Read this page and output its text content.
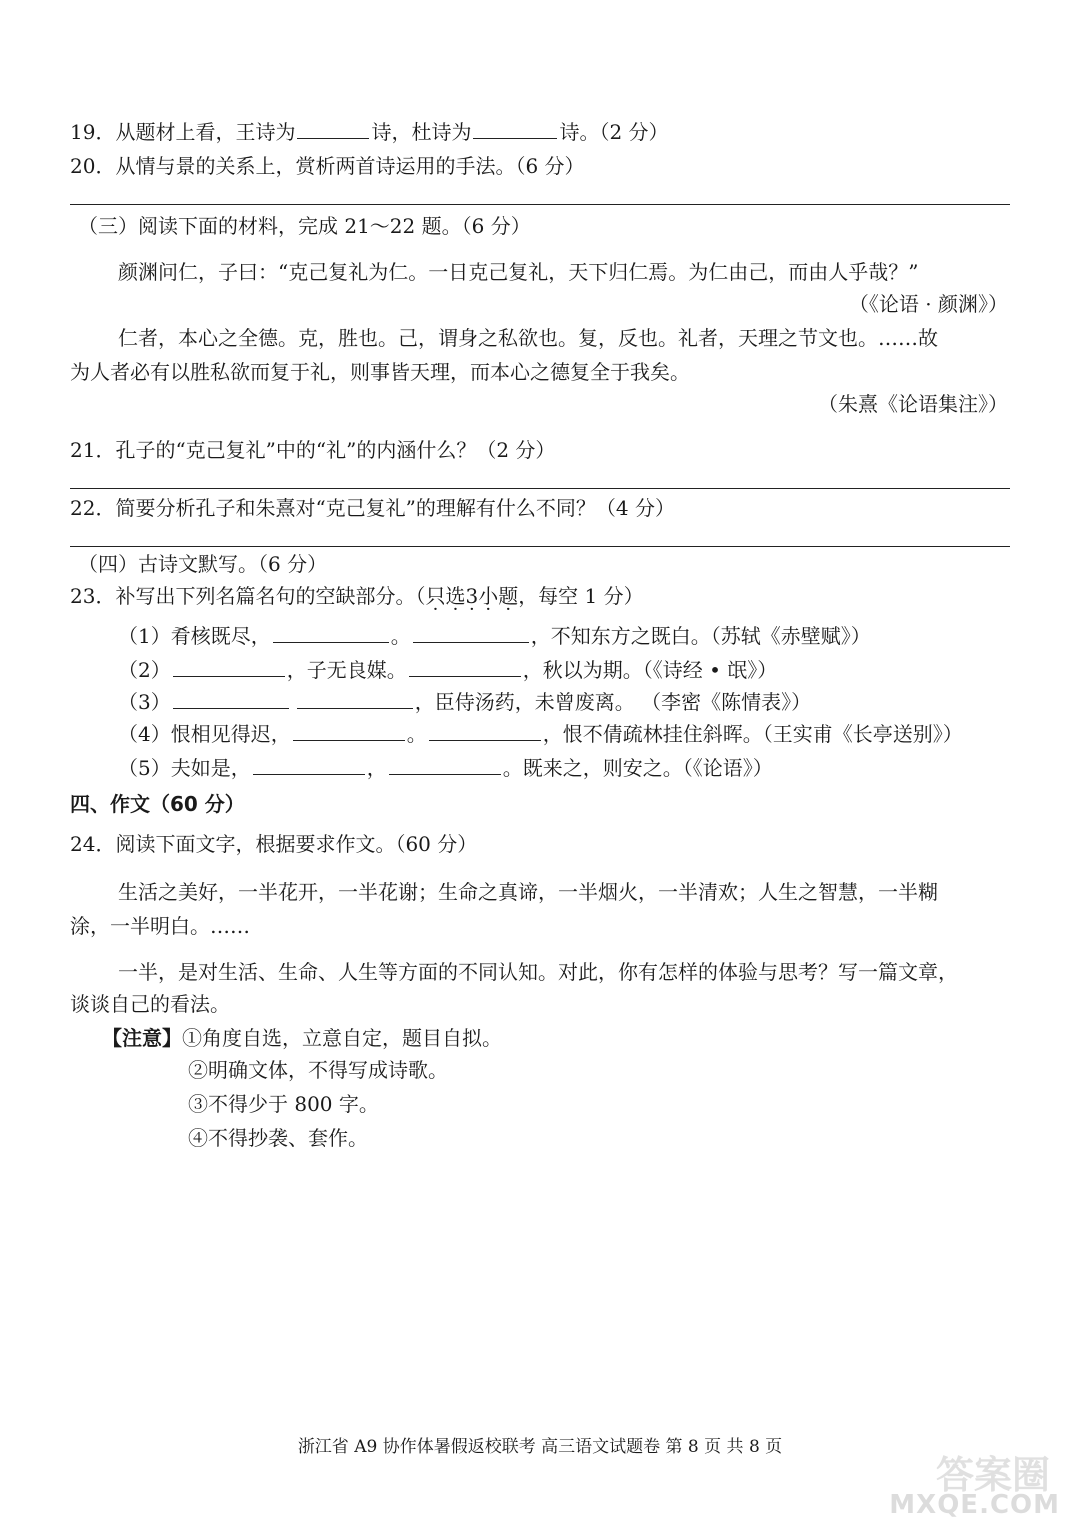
19．从题材上看，王诗为	诗，杜诗为	诗。（2 分）
20．从情与景的关系上，赏析两首诗运用的手法。（6 分）
（三）阅读下面的材料，完成 21～22 题。（6 分）
颜渊问仁，子曰：“克己复礼为仁。一日克己复礼，天下归仁焉。为仁由己，而由人乎哉？”
（《论语 · 颜渊》）
仁者，本心之全德。克，胜也。己，谓身之私欲也。复，反也。礼者，天理之节文也。……故
为人者必有以胜私欲而复于礼，则事皆天理，而本心之德复全于我矣。
（朱熹《论语集注》）
21．孔子的“克己复礼”中的“礼”的内涵什么？（2 分）
22．简要分析孔子和朱熹对“克己复礼”的理解有什么不同？（4 分）
（四）古诗文默写。（6 分）
23．补写出下列名篇名句的空缺部分。（只选3 ·小题，每空 1 分）
（1）肴核既尽，	。	，不知东方之既白。（苏轼《赤壁赋》）
（2）	，子无良媒。	，秋以为期。（《诗经 • 氓》）
（3）	，臣侍汤药，未曾废离。 （李密《陈情表》）
（4）恨相见得迟，	。	，恨不倩疏林挂住斜晖。（王实甫《长亭送别》）
（5）夫如是，	，	。既来之，则安之。（《论语》）
四、作文（60 分）
24．阅读下面文字，根据要求作文。（60 分）
生活之美好，一半花开，一半花谢；生命之真谛，一半烟火，一半清欢；人生之智慧，一半糊
涂，一半明白。……
一半，是对生活、生命、人生等方面的不同认知。对此，你有怎样的体验与思考？写一篇文章，
谈谈自己的看法。
【注意】①角度自选，立意自定，题目自拟。
②明确文体，不得写成诗歌。
③不得少于 800 字。
④不得抄袭、套作。
浙江省 A9 协作体暑假返校联考 高三语文试题卷 第 8 页 共 8 页
答案圈
MXQE.COM
